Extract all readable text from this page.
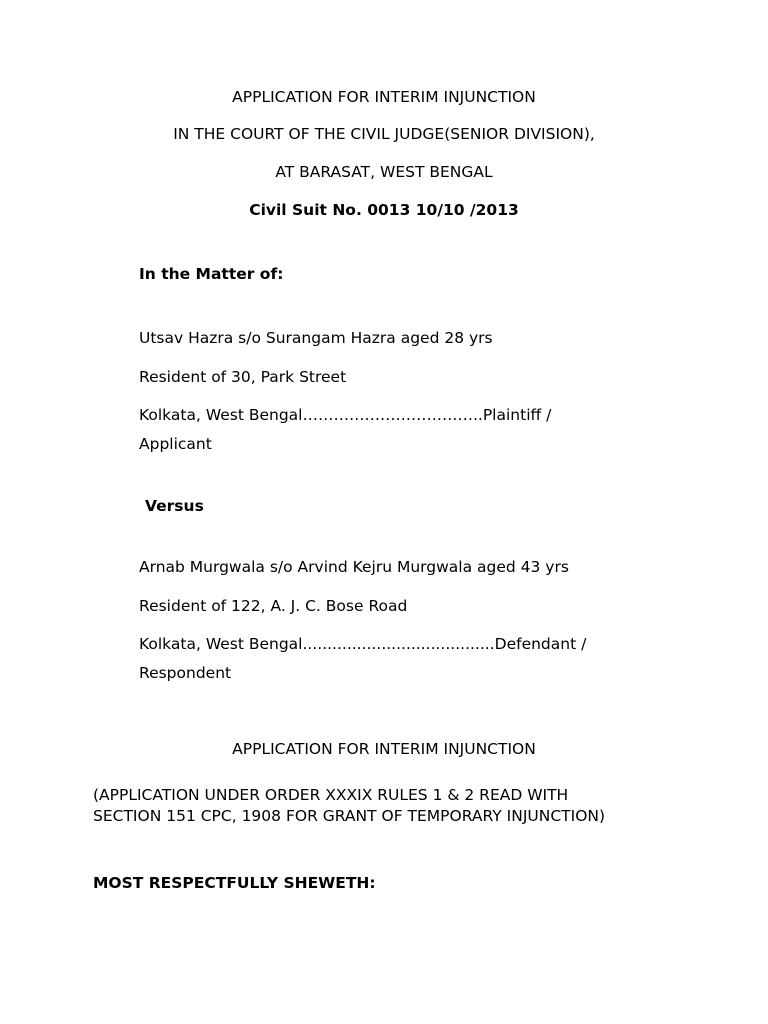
APPLICATION FOR INTERIM INJUNCTION
IN THE COURT OF THE CIVIL JUDGE(SENIOR DIVISION),
AT BARASAT, WEST BENGAL
Civil Suit No. 0013 10/10 /2013
In the Matter of:
Utsav Hazra s/o Surangam Hazra aged 28 yrs
Resident of 30, Park Street
Kolkata, West Bengal……………………………..Plaintiff /
Applicant
Versus
Arnab Murgwala s/o Arvind Kejru Murgwala aged 43 yrs
Resident of 122, A. J. C. Bose Road
Kolkata, West Bengal.......................................Defendant /
Respondent
APPLICATION FOR INTERIM INJUNCTION
(APPLICATION UNDER ORDER XXXIX RULES 1 & 2 READ WITH
SECTION 151 CPC, 1908 FOR GRANT OF TEMPORARY INJUNCTION)
MOST RESPECTFULLY SHEWETH:
